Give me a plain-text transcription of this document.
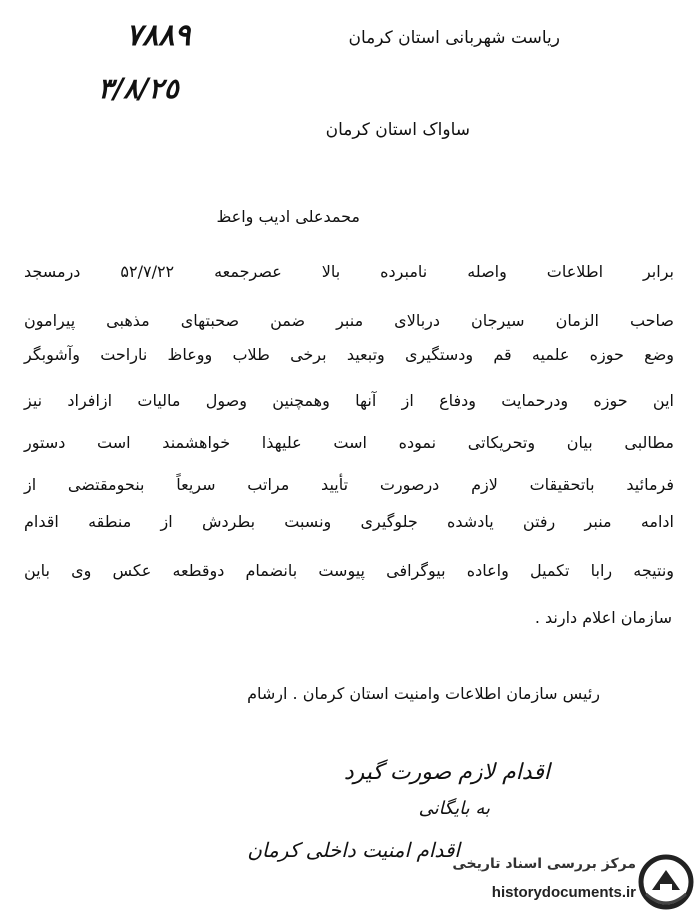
٧٨٨٩
٣/٨/٢٥
ریاست شهربانی استان کرمان
ساواک استان کرمان
محمدعلی ادیب واعظ
برابر اطلاعات واصله نامبرده بالا عصرجمعه ۵۲/۷/۲۲ درمسجد
صاحب الزمان سیرجان دربالای منبر ضمن صحبتهای مذهبی پیرامون
وضع حوزه علمیه قم ودستگیری وتبعید برخی طلاب ووعاظ ناراحت وآشوبگر
این حوزه ودرحمایت ودفاع از آنها وهمچنین وصول مالیات ازافراد نیز
مطالبی بیان وتحریکاتی نموده است علیهذا خواهشمند است دستور
فرمائید باتحقیقات لازم درصورت تأیید مراتب سریعاً بنحومقتضی از
ادامه منبر رفتن یادشده جلوگیری ونسبت بطردش از منطقه اقدام
ونتیجه رابا تکمیل واعاده بیوگرافی پیوست بانضمام دوقطعه عکس وی باین
سازمان اعلام دارند .
رئیس سازمان اطلاعات وامنیت استان کرمان . ارشام
اقدام لازم صورت گیرد
به بایگانی
اقدام امنیت داخلی کرمان
مرکز بررسی اسناد تاریخی
historydocuments.ir
